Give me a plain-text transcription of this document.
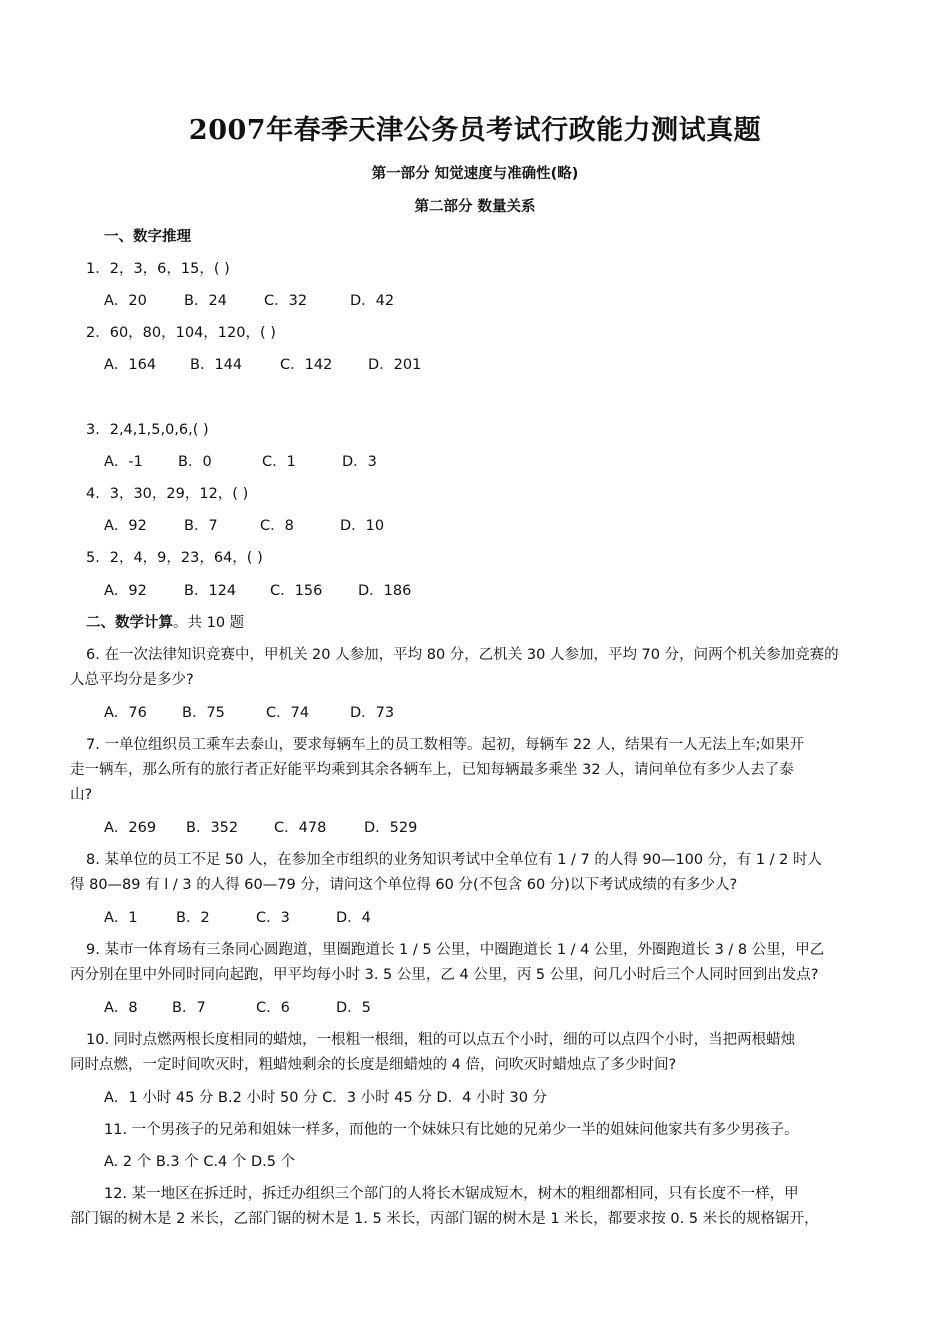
2007年春季天津公务员考试行政能力测试真题
第一部分 知觉速度与准确性(略)
第二部分 数量关系
一、数字推理
1．2，3，6，15，( )
A．20	B．24	C．32	D．42
2．60，80，104，120，( )
A．164 B．144	C．142 D．201
3．2,4,1,5,0,6,( )
A．-1 B．0	C．1	D．3
4．3，30，29，12，( )
A．92	B．7	C．8	D．10
5．2，4，9，23，64，( )
A．92	B．124 C．156 D．186
二、数学计算。共 10 题
6. 在一次法律知识竞赛中，甲机关 20 人参加，平均 80 分，乙机关 30 人参加，平均 70 分，问两个机关参加竞赛的
人总平均分是多少?
A．76 B．75	C．74	D．73
7. 一单位组织员工乘车去泰山，要求每辆车上的员工数相等。起初，每辆车 22 人，结果有一人无法上车;如果开
走一辆车，那么所有的旅行者正好能平均乘到其余各辆车上，已知每辆最多乘坐 32 人，请问单位有多少人去了泰
山?
A．269 B．352 C．478	D．529
8. 某单位的员工不足 50 人，在参加全市组织的业务知识考试中全单位有 1 / 7 的人得 90—100 分，有 1 / 2 时人
得 80—89 有 l / 3 的人得 60—79 分，请问这个单位得 60 分(不包含 60 分)以下考试成绩的有多少人?
A．1	B．2	C．3	D．4
9. 某市一体育场有三条同心圆跑道，里圈跑道长 1 / 5 公里，中圈跑道长 1 / 4 公里，外圈跑道长 3 / 8 公里，甲乙
丙分别在里中外同时同向起跑，甲平均每小时 3. 5 公里，乙 4 公里，丙 5 公里，问几小时后三个人同时回到出发点?
A．8 B．7	C．6	D．5
10. 同时点燃两根长度相同的蜡烛，一根粗一根细，粗的可以点五个小时，细的可以点四个小时，当把两根蜡烛
同时点燃，一定时间吹灭时，粗蜡烛剩余的长度是细蜡烛的 4 倍，问吹灭时蜡烛点了多少时间?
A．1 小时 45 分 B.2 小时 50 分 C．3 小时 45 分 D．4 小时 30 分
11. 一个男孩子的兄弟和姐妹一样多，而他的一个妹妹只有比她的兄弟少一半的姐妹问他家共有多少男孩子。
A. 2 个 B.3 个 C.4 个 D.5 个
12. 某一地区在拆迁时，拆迁办组织三个部门的人将长木锯成短木，树木的粗细都相同，只有长度不一样，甲
部门锯的树木是 2 米长，乙部门锯的树木是 1. 5 米长，丙部门锯的树木是 1 米长，都要求按 0. 5 米长的规格锯开，
